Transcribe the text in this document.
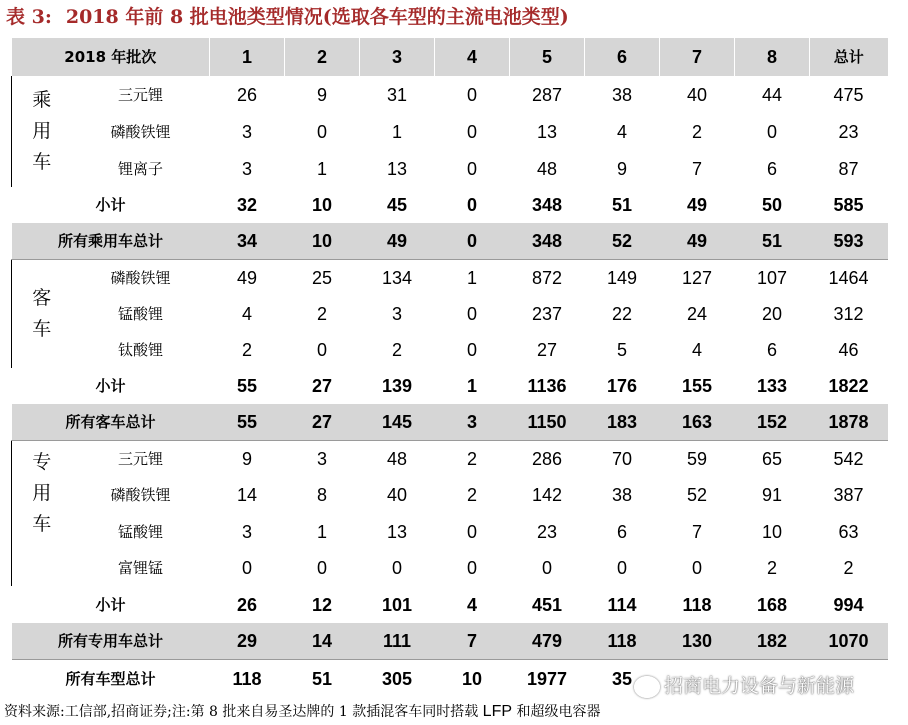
表 3: 2018 年前 8 批电池类型情况(选取各车型的主流电池类型)
2018 年批次		1	2	3	4	5	6	7	8	总计

乘
用
车	三元锂	26	9	31	0	287	38	40	44	475
	磷酸铁锂	3	0	1	0	13	4	2	0	23
	锂离子	3	1	13	0	48	9	7	6	87
小计		32	10	45	0	348	51	49	50	585
所有乘用车总计		34	10	49	0	348	52	49	51	593

客
车	磷酸铁锂	49	25	134	1	872	149	127	107	1464
	锰酸锂	4	2	3	0	237	22	24	20	312
	钛酸锂	2	0	2	0	27	5	4	6	46
小计		55	27	139	1	1136	176	155	133	1822
所有客车总计		55	27	145	3	1150	183	163	152	1878

专
用
车	三元锂	9	3	48	2	286	70	59	65	542
	磷酸铁锂	14	8	40	2	142	38	52	91	387
	锰酸锂	3	1	13	0	23	6	7	10	63
	富锂锰	0	0	0	0	0	0	0	2	2
小计		26	12	101	4	451	114	118	168	994
所有专用车总计		29	14	111	7	479	118	130	182	1070
所有车型总计		118	51	305	10	1977	35				招商电力设备与新能源
资料来源:工信部,招商证券;注:第 8 批来自易圣达牌的 1 款插混客车同时搭载 LFP 和超级电容器
